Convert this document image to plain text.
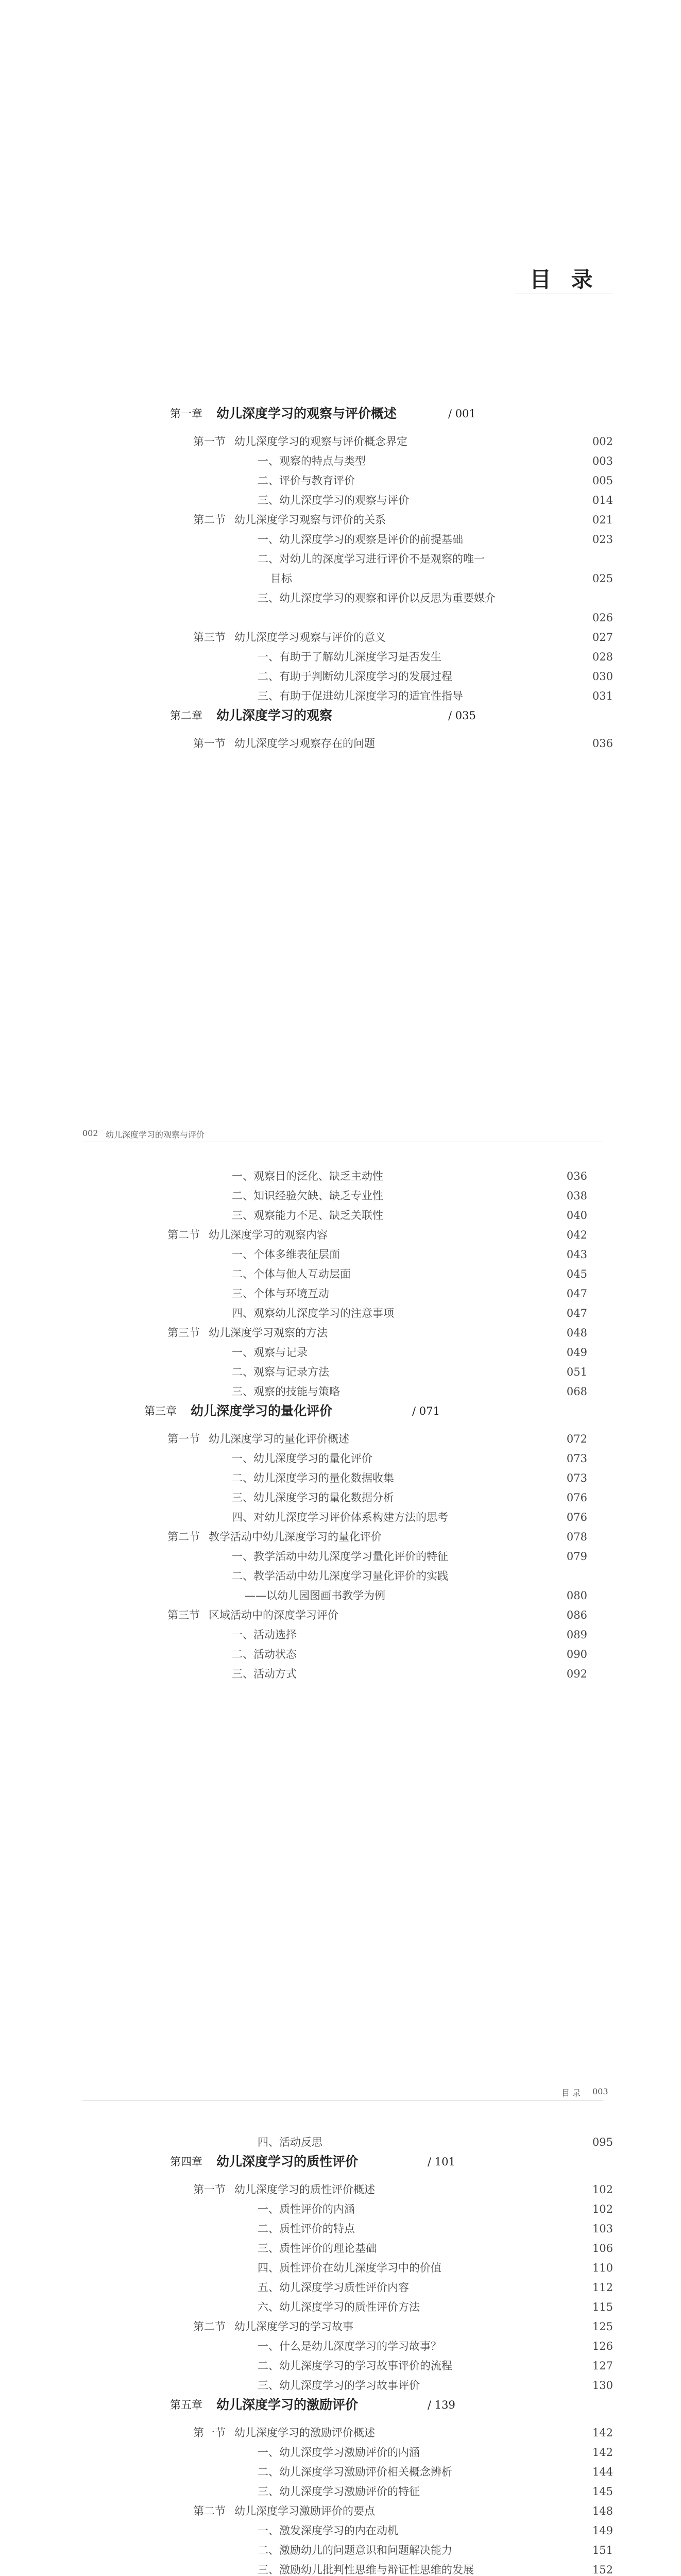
目 录
第一章 幼儿深度学习的观察与评价概述	/ 001
第一节 幼儿深度学习的观察与评价概念界定	002
一、观察的特点与类型	003
二、评价与教育评价	005
三、幼儿深度学习的观察与评价	014
第二节 幼儿深度学习观察与评价的关系	021
一、幼儿深度学习的观察是评价的前提基础	023
二、对幼儿的深度学习进行评价不是观察的唯一
目标	025
三、幼儿深度学习的观察和评价以反思为重要媒介
026
第三节 幼儿深度学习观察与评价的意义	027
一、有助于了解幼儿深度学习是否发生	028
二、有助于判断幼儿深度学习的发展过程	030
三、有助于促进幼儿深度学习的适宜性指导	031
第二章 幼儿深度学习的观察	/ 035
第一节 幼儿深度学习观察存在的问题	036
002 幼儿深度学习的观察与评价
一、观察目的泛化、缺乏主动性	036
二、知识经验欠缺、缺乏专业性	038
三、观察能力不足、缺乏关联性	040
第二节 幼儿深度学习的观察内容	042
一、个体多维表征层面	043
二、个体与他人互动层面	045
三、个体与环境互动	047
四、观察幼儿深度学习的注意事项	047
第三节 幼儿深度学习观察的方法	048
一、观察与记录	049
二、观察与记录方法	051
三、观察的技能与策略	068
第三章 幼儿深度学习的量化评价	/ 071
第一节 幼儿深度学习的量化评价概述	072
一、幼儿深度学习的量化评价	073
二、幼儿深度学习的量化数据收集	073
三、幼儿深度学习的量化数据分析	076
四、对幼儿深度学习评价体系构建方法的思考	076
第二节 教学活动中幼儿深度学习的量化评价	078
一、教学活动中幼儿深度学习量化评价的特征	079
二、教学活动中幼儿深度学习量化评价的实践
——以幼儿园图画书教学为例	080
第三节 区域活动中的深度学习评价	086
一、活动选择	089
二、活动状态	090
三、活动方式	092
目 录 003
四、活动反思	095
第四章 幼儿深度学习的质性评价	/ 101
第一节 幼儿深度学习的质性评价概述	102
一、质性评价的内涵	102
二、质性评价的特点	103
三、质性评价的理论基础	106
四、质性评价在幼儿深度学习中的价值	110
五、幼儿深度学习质性评价内容	112
六、幼儿深度学习的质性评价方法	115
第二节 幼儿深度学习的学习故事	125
一、什么是幼儿深度学习的学习故事？	126
二、幼儿深度学习的学习故事评价的流程	127
三、幼儿深度学习的学习故事评价	130
第五章 幼儿深度学习的激励评价	/ 139
第一节 幼儿深度学习的激励评价概述	142
一、幼儿深度学习激励评价的内涵	142
二、幼儿深度学习激励评价相关概念辨析	144
三、幼儿深度学习激励评价的特征	145
第二节 幼儿深度学习激励评价的要点	148
一、激发深度学习的内在动机	149
二、激励幼儿的问题意识和问题解决能力	151
三、激励幼儿批判性思维与辩证性思维的发展	152
